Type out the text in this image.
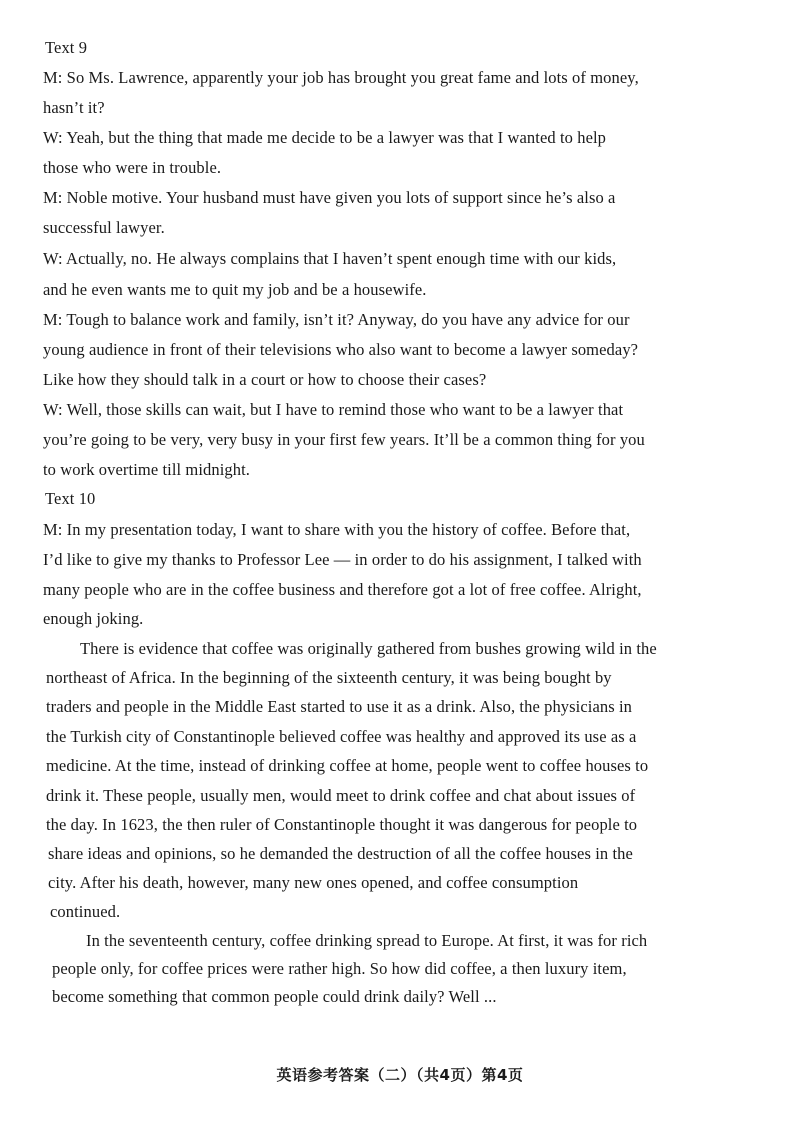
Text 9
M: So Ms. Lawrence, apparently your job has brought you great fame and lots of money,
hasn’t it?
W: Yeah, but the thing that made me decide to be a lawyer was that I wanted to help
those who were in trouble.
M: Noble motive. Your husband must have given you lots of support since he’s also a
successful lawyer.
W: Actually, no. He always complains that I haven’t spent enough time with our kids,
and he even wants me to quit my job and be a housewife.
M: Tough to balance work and family, isn’t it? Anyway, do you have any advice for our
young audience in front of their televisions who also want to become a lawyer someday?
Like how they should talk in a court or how to choose their cases?
W: Well, those skills can wait, but I have to remind those who want to be a lawyer that
you’re going to be very, very busy in your first few years. It’ll be a common thing for you
to work overtime till midnight.
Text 10
M: In my presentation today, I want to share with you the history of coffee. Before that,
I’d like to give my thanks to Professor Lee — in order to do his assignment, I talked with
many people who are in the coffee business and therefore got a lot of free coffee. Alright,
enough joking.
There is evidence that coffee was originally gathered from bushes growing wild in the
northeast of Africa. In the beginning of the sixteenth century, it was being bought by
traders and people in the Middle East started to use it as a drink. Also, the physicians in
the Turkish city of Constantinople believed coffee was healthy and approved its use as a
medicine. At the time, instead of drinking coffee at home, people went to coffee houses to
drink it. These people, usually men, would meet to drink coffee and chat about issues of
the day. In 1623, the then ruler of Constantinople thought it was dangerous for people to
share ideas and opinions, so he demanded the destruction of all the coffee houses in the
city. After his death, however, many new ones opened, and coffee consumption
continued.
In the seventeenth century, coffee drinking spread to Europe. At first, it was for rich
people only, for coffee prices were rather high. So how did coffee, a then luxury item,
become something that common people could drink daily? Well ...
英语参考答案（二）（共4页）第4页
